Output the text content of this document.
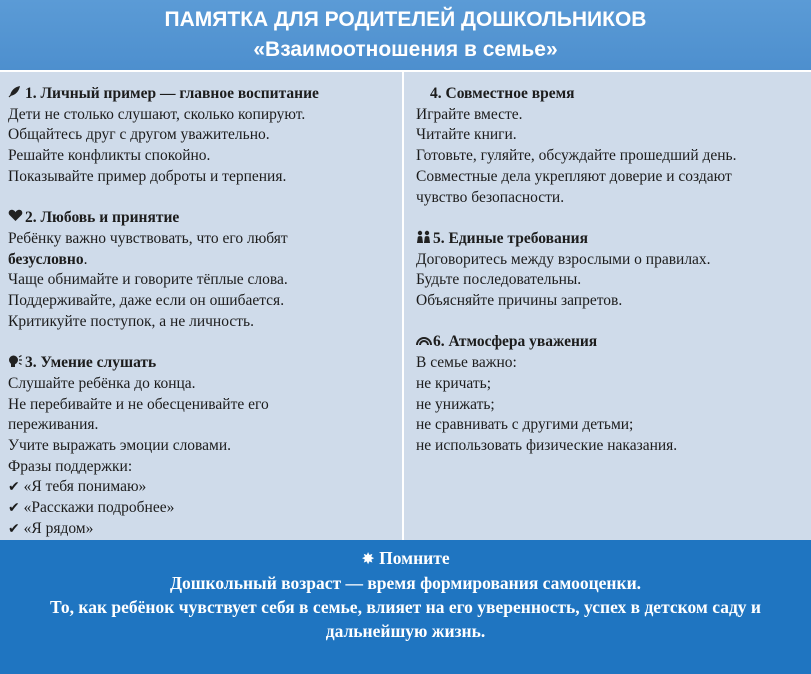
ПАМЯТКА ДЛЯ РОДИТЕЛЕЙ ДОШКОЛЬНИКОВ
«Взаимоотношения в семье»
1. Личный пример — главное воспитание
Дети не столько слушают, сколько копируют.
Общайтесь друг с другом уважительно.
Решайте конфликты спокойно.
Показывайте пример доброты и терпения.
2. Любовь и принятие
Ребёнку важно чувствовать, что его любят
безусловно.
Чаще обнимайте и говорите тёплые слова.
Поддерживайте, даже если он ошибается.
Критикуйте поступок, а не личность.
3. Умение слушать
Слушайте ребёнка до конца.
Не перебивайте и не обесценивайте его переживания.
Учите выражать эмоции словами.
Фразы поддержки:
✔ «Я тебя понимаю»
✔ «Расскажи подробнее»
✔ «Я рядом»
4. Совместное время
Играйте вместе.
Читайте книги.
Готовьте, гуляйте, обсуждайте прошедший день.
Совместные дела укрепляют доверие и создают чувство безопасности.
5. Единые требования
Договоритесь между взрослыми о правилах.
Будьте последовательны.
Объясняйте причины запретов.
6. Атмосфера уважения
В семье важно:
не кричать;
не унижать;
не сравнивать с другими детьми;
не использовать физические наказания.
✸ Помните
Дошкольный возраст — время формирования самооценки.
То, как ребёнок чувствует себя в семье, влияет на его уверенность, успех в детском саду и дальнейшую жизнь.
